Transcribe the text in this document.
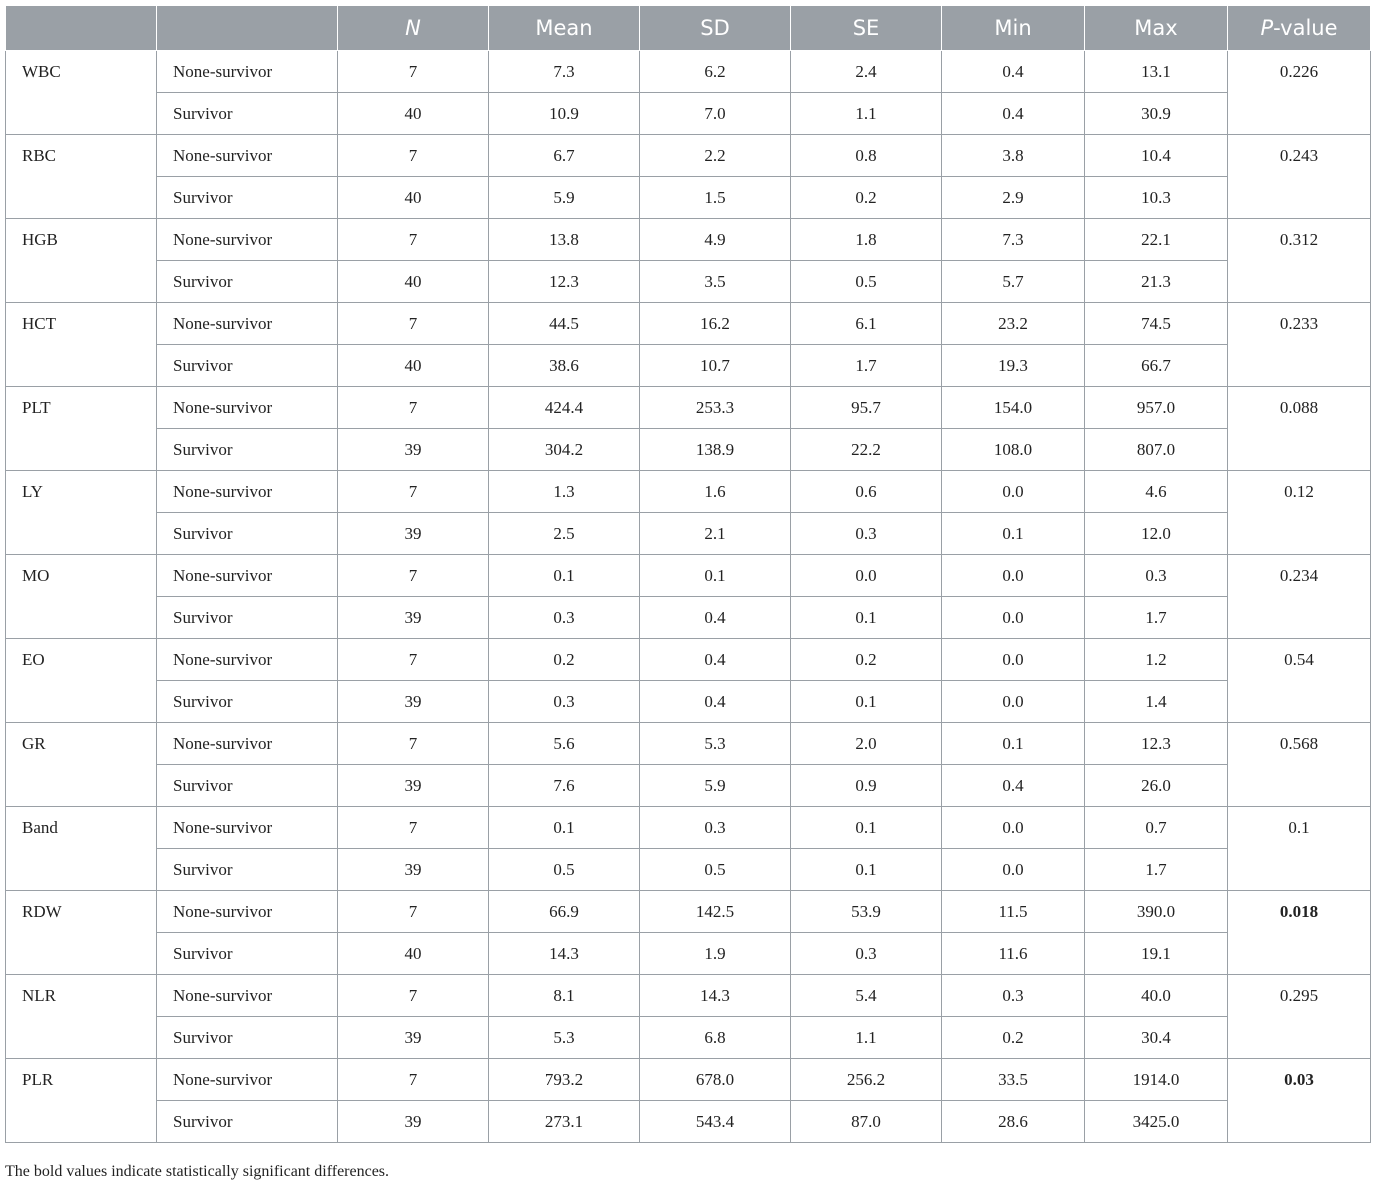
		N	Mean	SD	SE	Min	Max	P-value
WBC	None-survivor	7	7.3	6.2	2.4	0.4	13.1	0.226
	Survivor	40	10.9	7.0	1.1	0.4	30.9	
RBC	None-survivor	7	6.7	2.2	0.8	3.8	10.4	0.243
	Survivor	40	5.9	1.5	0.2	2.9	10.3	
HGB	None-survivor	7	13.8	4.9	1.8	7.3	22.1	0.312
	Survivor	40	12.3	3.5	0.5	5.7	21.3	
HCT	None-survivor	7	44.5	16.2	6.1	23.2	74.5	0.233
	Survivor	40	38.6	10.7	1.7	19.3	66.7	
PLT	None-survivor	7	424.4	253.3	95.7	154.0	957.0	0.088
	Survivor	39	304.2	138.9	22.2	108.0	807.0	
LY	None-survivor	7	1.3	1.6	0.6	0.0	4.6	0.12
	Survivor	39	2.5	2.1	0.3	0.1	12.0	
MO	None-survivor	7	0.1	0.1	0.0	0.0	0.3	0.234
	Survivor	39	0.3	0.4	0.1	0.0	1.7	
EO	None-survivor	7	0.2	0.4	0.2	0.0	1.2	0.54
	Survivor	39	0.3	0.4	0.1	0.0	1.4	
GR	None-survivor	7	5.6	5.3	2.0	0.1	12.3	0.568
	Survivor	39	7.6	5.9	0.9	0.4	26.0	
Band	None-survivor	7	0.1	0.3	0.1	0.0	0.7	0.1
	Survivor	39	0.5	0.5	0.1	0.0	1.7	
RDW	None-survivor	7	66.9	142.5	53.9	11.5	390.0	0.018
	Survivor	40	14.3	1.9	0.3	11.6	19.1	
NLR	None-survivor	7	8.1	14.3	5.4	0.3	40.0	0.295
	Survivor	39	5.3	6.8	1.1	0.2	30.4	
PLR	None-survivor	7	793.2	678.0	256.2	33.5	1914.0	0.03
	Survivor	39	273.1	543.4	87.0	28.6	3425.0	

The bold values indicate statistically significant differences.
